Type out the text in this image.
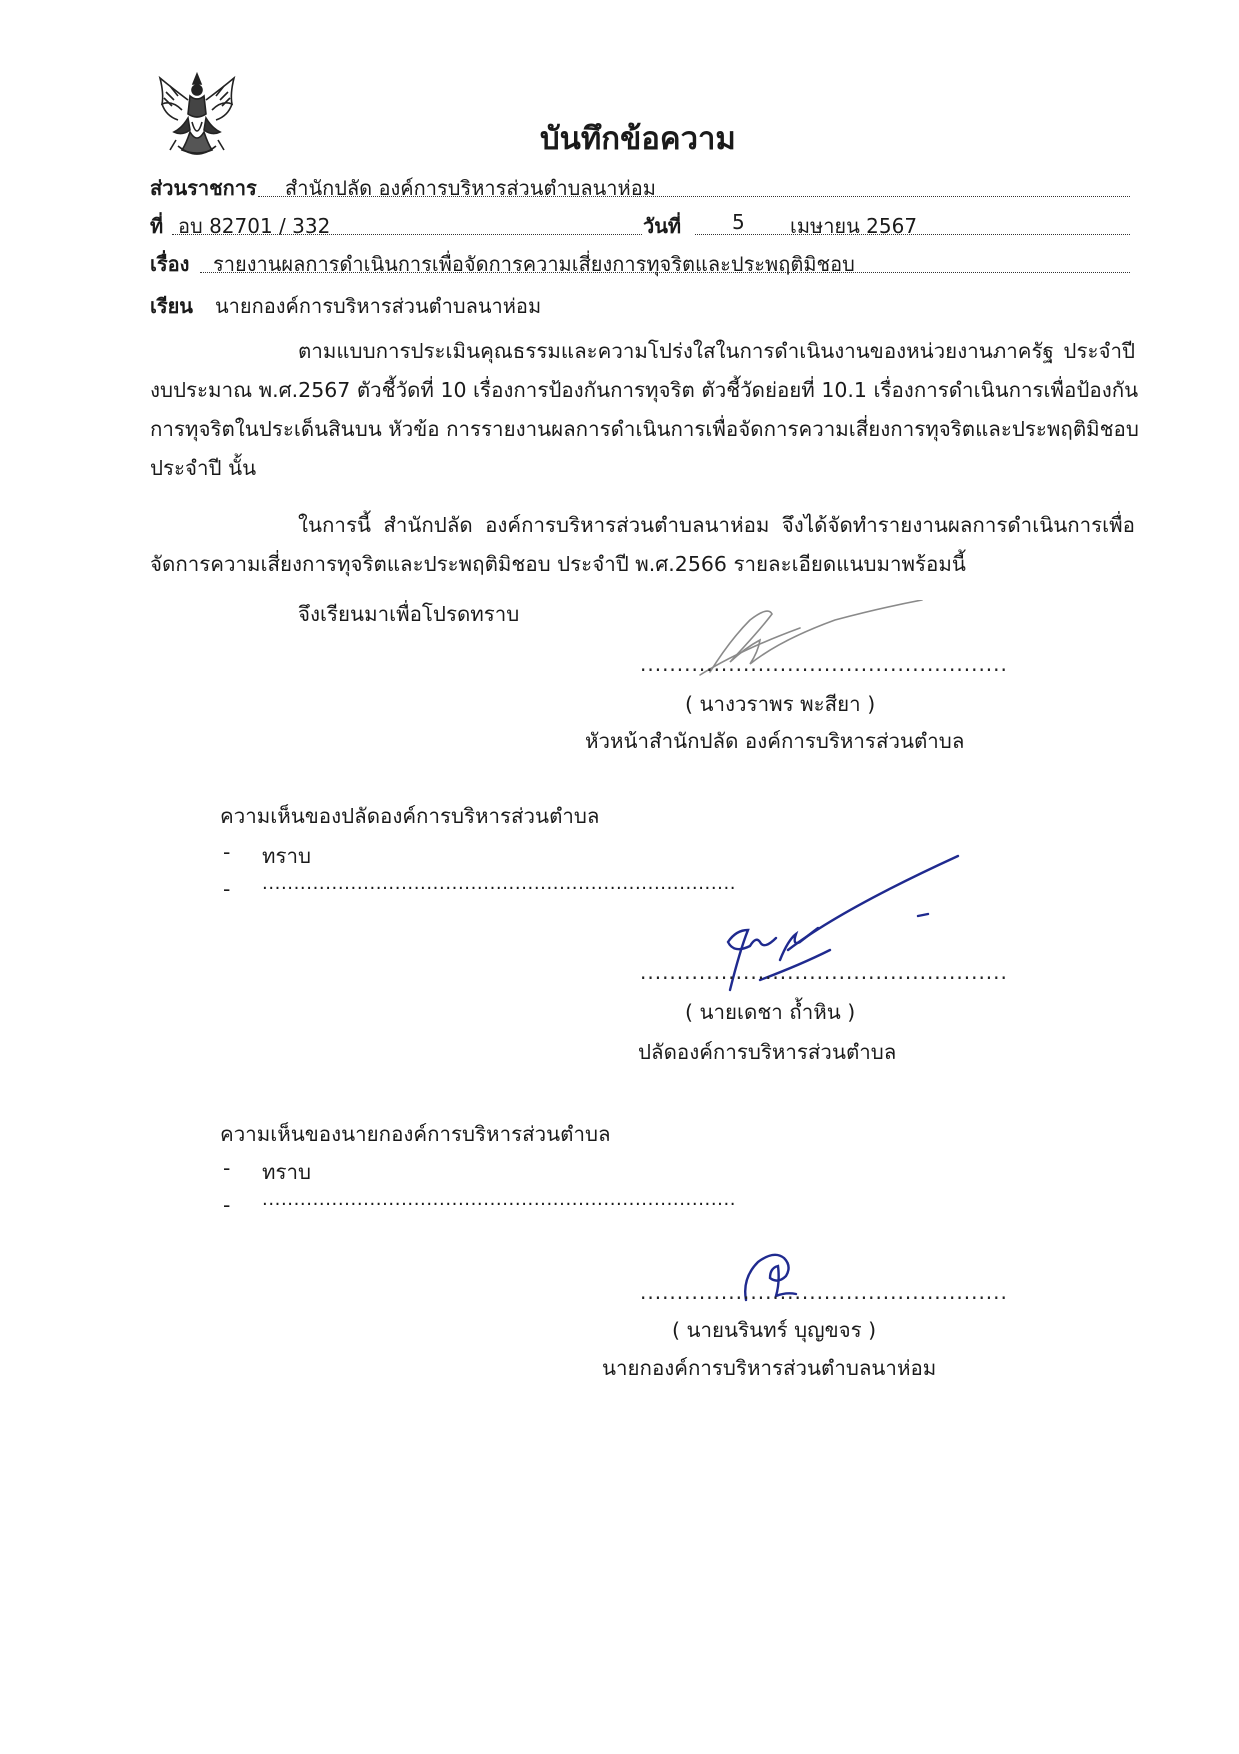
บันทึกข้อความ
ส่วนราชการ สำนักปลัด องค์การบริหารส่วนตำบลนาห่อม
ที่ อบ 82701 / 332	วันที่	5 เมษายน 2567
เรื่อง รายงานผลการดำเนินการเพื่อจัดการความเสี่ยงการทุจริตและประพฤติมิชอบ
เรียน นายกองค์การบริหารส่วนตำบลนาห่อม
ตามแบบการประเมินคุณธรรมและความโปร่งใสในการดำเนินงานของหน่วยงานภาครัฐ ประจำปี
งบประมาณ พ.ศ.2567 ตัวชี้วัดที่ 10 เรื่องการป้องกันการทุจริต ตัวชี้วัดย่อยที่ 10.1 เรื่องการดำเนินการเพื่อป้องกัน
การทุจริตในประเด็นสินบน หัวข้อ การรายงานผลการดำเนินการเพื่อจัดการความเสี่ยงการทุจริตและประพฤติมิชอบ
ประจำปี นั้น
ในการนี้ สำนักปลัด องค์การบริหารส่วนตำบลนาห่อม จึงได้จัดทำรายงานผลการดำเนินการเพื่อ
จัดการความเสี่ยงการทุจริตและประพฤติมิชอบ ประจำปี พ.ศ.2566 รายละเอียดแนบมาพร้อมนี้
จึงเรียนมาเพื่อโปรดทราบ
..................................................
( นางวราพร พะสียา )
หัวหน้าสำนักปลัด องค์การบริหารส่วนตำบล
ความเห็นของปลัดองค์การบริหารส่วนตำบล
- ทราบ
- ...........................................................................
..................................................
( นายเดชา ถ้ำหิน )
ปลัดองค์การบริหารส่วนตำบล
ความเห็นของนายกองค์การบริหารส่วนตำบล
- ทราบ
- ...........................................................................
..................................................
( นายนรินทร์ บุญขจร )
นายกองค์การบริหารส่วนตำบลนาห่อม
